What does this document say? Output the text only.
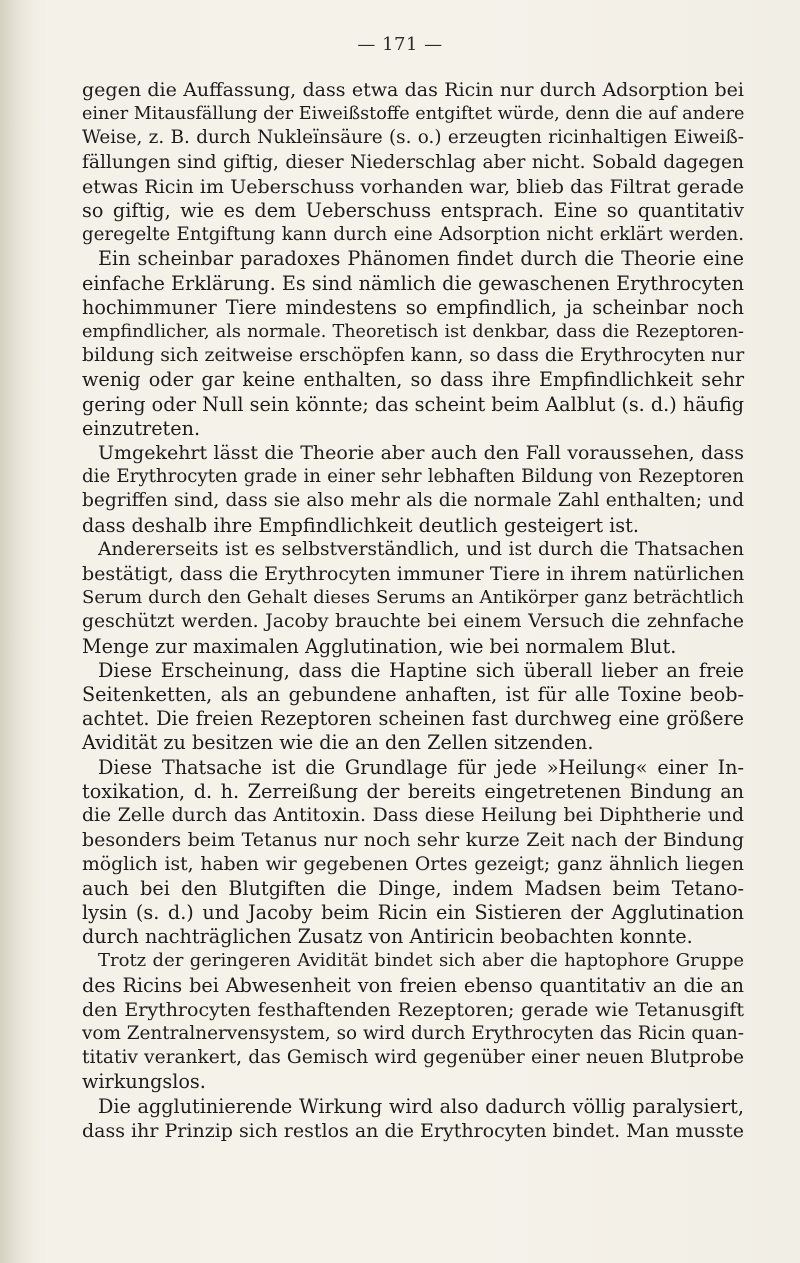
— 171 —
gegen die Auffassung, dass etwa das Ricin nur durch Adsorption bei
einer Mitausfällung der Eiweißstoffe entgiftet würde, denn die auf andere
Weise, z. B. durch Nukleïnsäure (s. o.) erzeugten ricinhaltigen Eiweiß-
fällungen sind giftig, dieser Niederschlag aber nicht. Sobald dagegen
etwas Ricin im Ueberschuss vorhanden war, blieb das Filtrat gerade
so giftig, wie es dem Ueberschuss entsprach. Eine so quantitativ
geregelte Entgiftung kann durch eine Adsorption nicht erklärt werden.
Ein scheinbar paradoxes Phänomen findet durch die Theorie eine
einfache Erklärung. Es sind nämlich die gewaschenen Erythrocyten
hochimmuner Tiere mindestens so empfindlich, ja scheinbar noch
empfindlicher, als normale. Theoretisch ist denkbar, dass die Rezeptoren-
bildung sich zeitweise erschöpfen kann, so dass die Erythrocyten nur
wenig oder gar keine enthalten, so dass ihre Empfindlichkeit sehr
gering oder Null sein könnte; das scheint beim Aalblut (s. d.) häufig
einzutreten.
Umgekehrt lässt die Theorie aber auch den Fall voraussehen, dass
die Erythrocyten grade in einer sehr lebhaften Bildung von Rezeptoren
begriffen sind, dass sie also mehr als die normale Zahl enthalten; und
dass deshalb ihre Empfindlichkeit deutlich gesteigert ist.
Andererseits ist es selbstverständlich, und ist durch die Thatsachen
bestätigt, dass die Erythrocyten immuner Tiere in ihrem natürlichen
Serum durch den Gehalt dieses Serums an Antikörper ganz beträchtlich
geschützt werden. Jacoby brauchte bei einem Versuch die zehnfache
Menge zur maximalen Agglutination, wie bei normalem Blut.
Diese Erscheinung, dass die Haptine sich überall lieber an freie
Seitenketten, als an gebundene anhaften, ist für alle Toxine beob-
achtet. Die freien Rezeptoren scheinen fast durchweg eine größere
Avidität zu besitzen wie die an den Zellen sitzenden.
Diese Thatsache ist die Grundlage für jede »Heilung« einer In-
toxikation, d. h. Zerreißung der bereits eingetretenen Bindung an
die Zelle durch das Antitoxin. Dass diese Heilung bei Diphtherie und
besonders beim Tetanus nur noch sehr kurze Zeit nach der Bindung
möglich ist, haben wir gegebenen Ortes gezeigt; ganz ähnlich liegen
auch bei den Blutgiften die Dinge, indem Madsen beim Tetano-
lysin (s. d.) und Jacoby beim Ricin ein Sistieren der Agglutination
durch nachträglichen Zusatz von Antiricin beobachten konnte.
Trotz der geringeren Avidität bindet sich aber die haptophore Gruppe
des Ricins bei Abwesenheit von freien ebenso quantitativ an die an
den Erythrocyten festhaftenden Rezeptoren; gerade wie Tetanusgift
vom Zentralnervensystem, so wird durch Erythrocyten das Ricin quan-
titativ verankert, das Gemisch wird gegenüber einer neuen Blutprobe
wirkungslos.
Die agglutinierende Wirkung wird also dadurch völlig paralysiert,
dass ihr Prinzip sich restlos an die Erythrocyten bindet. Man musste
